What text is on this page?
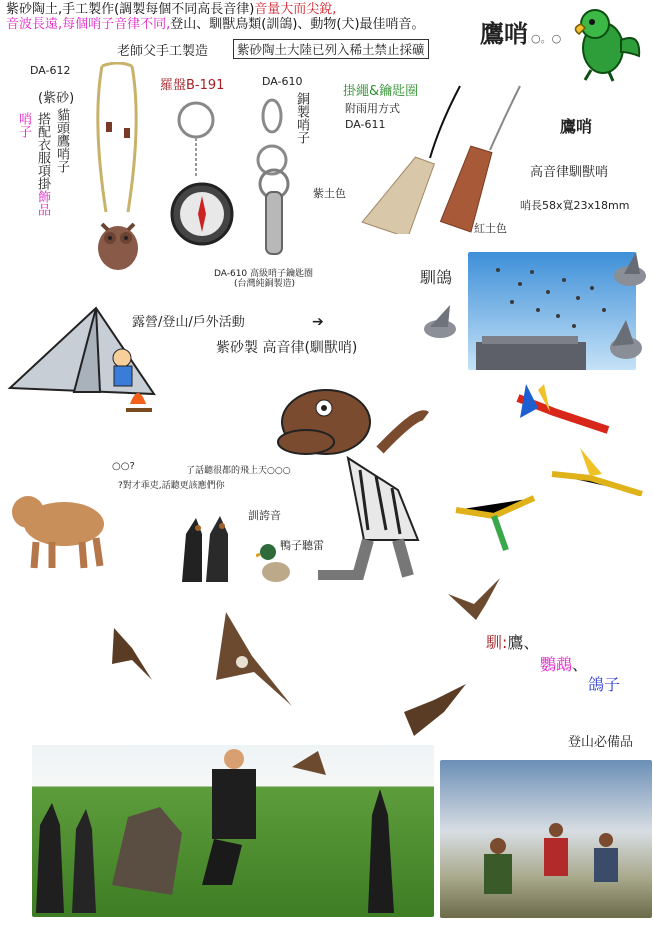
紫砂陶土,手工製作(調製每個不同高長音律)音量大而尖銳,
音波長遠,每個哨子音律不同,登山、馴獸鳥類(訓鴿)、動物(犬)最佳哨音。
老師父手工製造	紫砂陶土大陸已列入稀土禁止採礦
鷹哨 ○。○
DA-612
(紫砂)
搭配衣服項掛飾品哨子	貓頭鷹哨子
羅盤B-191	DA-610
銅製哨子
DA-610 高級哨子鑰匙圈
(台灣純銅製造)
掛繩&鑰匙圈
附雨用方式
DA-611
紫土色
紅土色
鷹哨
高音律馴獸哨
哨長58x寬23x18mm
馴鴿
露營/登山/戶外活動	➔
紫砂製 高音律(馴獸哨)
○○?	了話聽很都的飛上天○○○
?對才乖吏,話聽更該應們你
訓誇音
鴨子聽雷
馴:鷹、
鸚鵡、
鴿子
登山必備品
